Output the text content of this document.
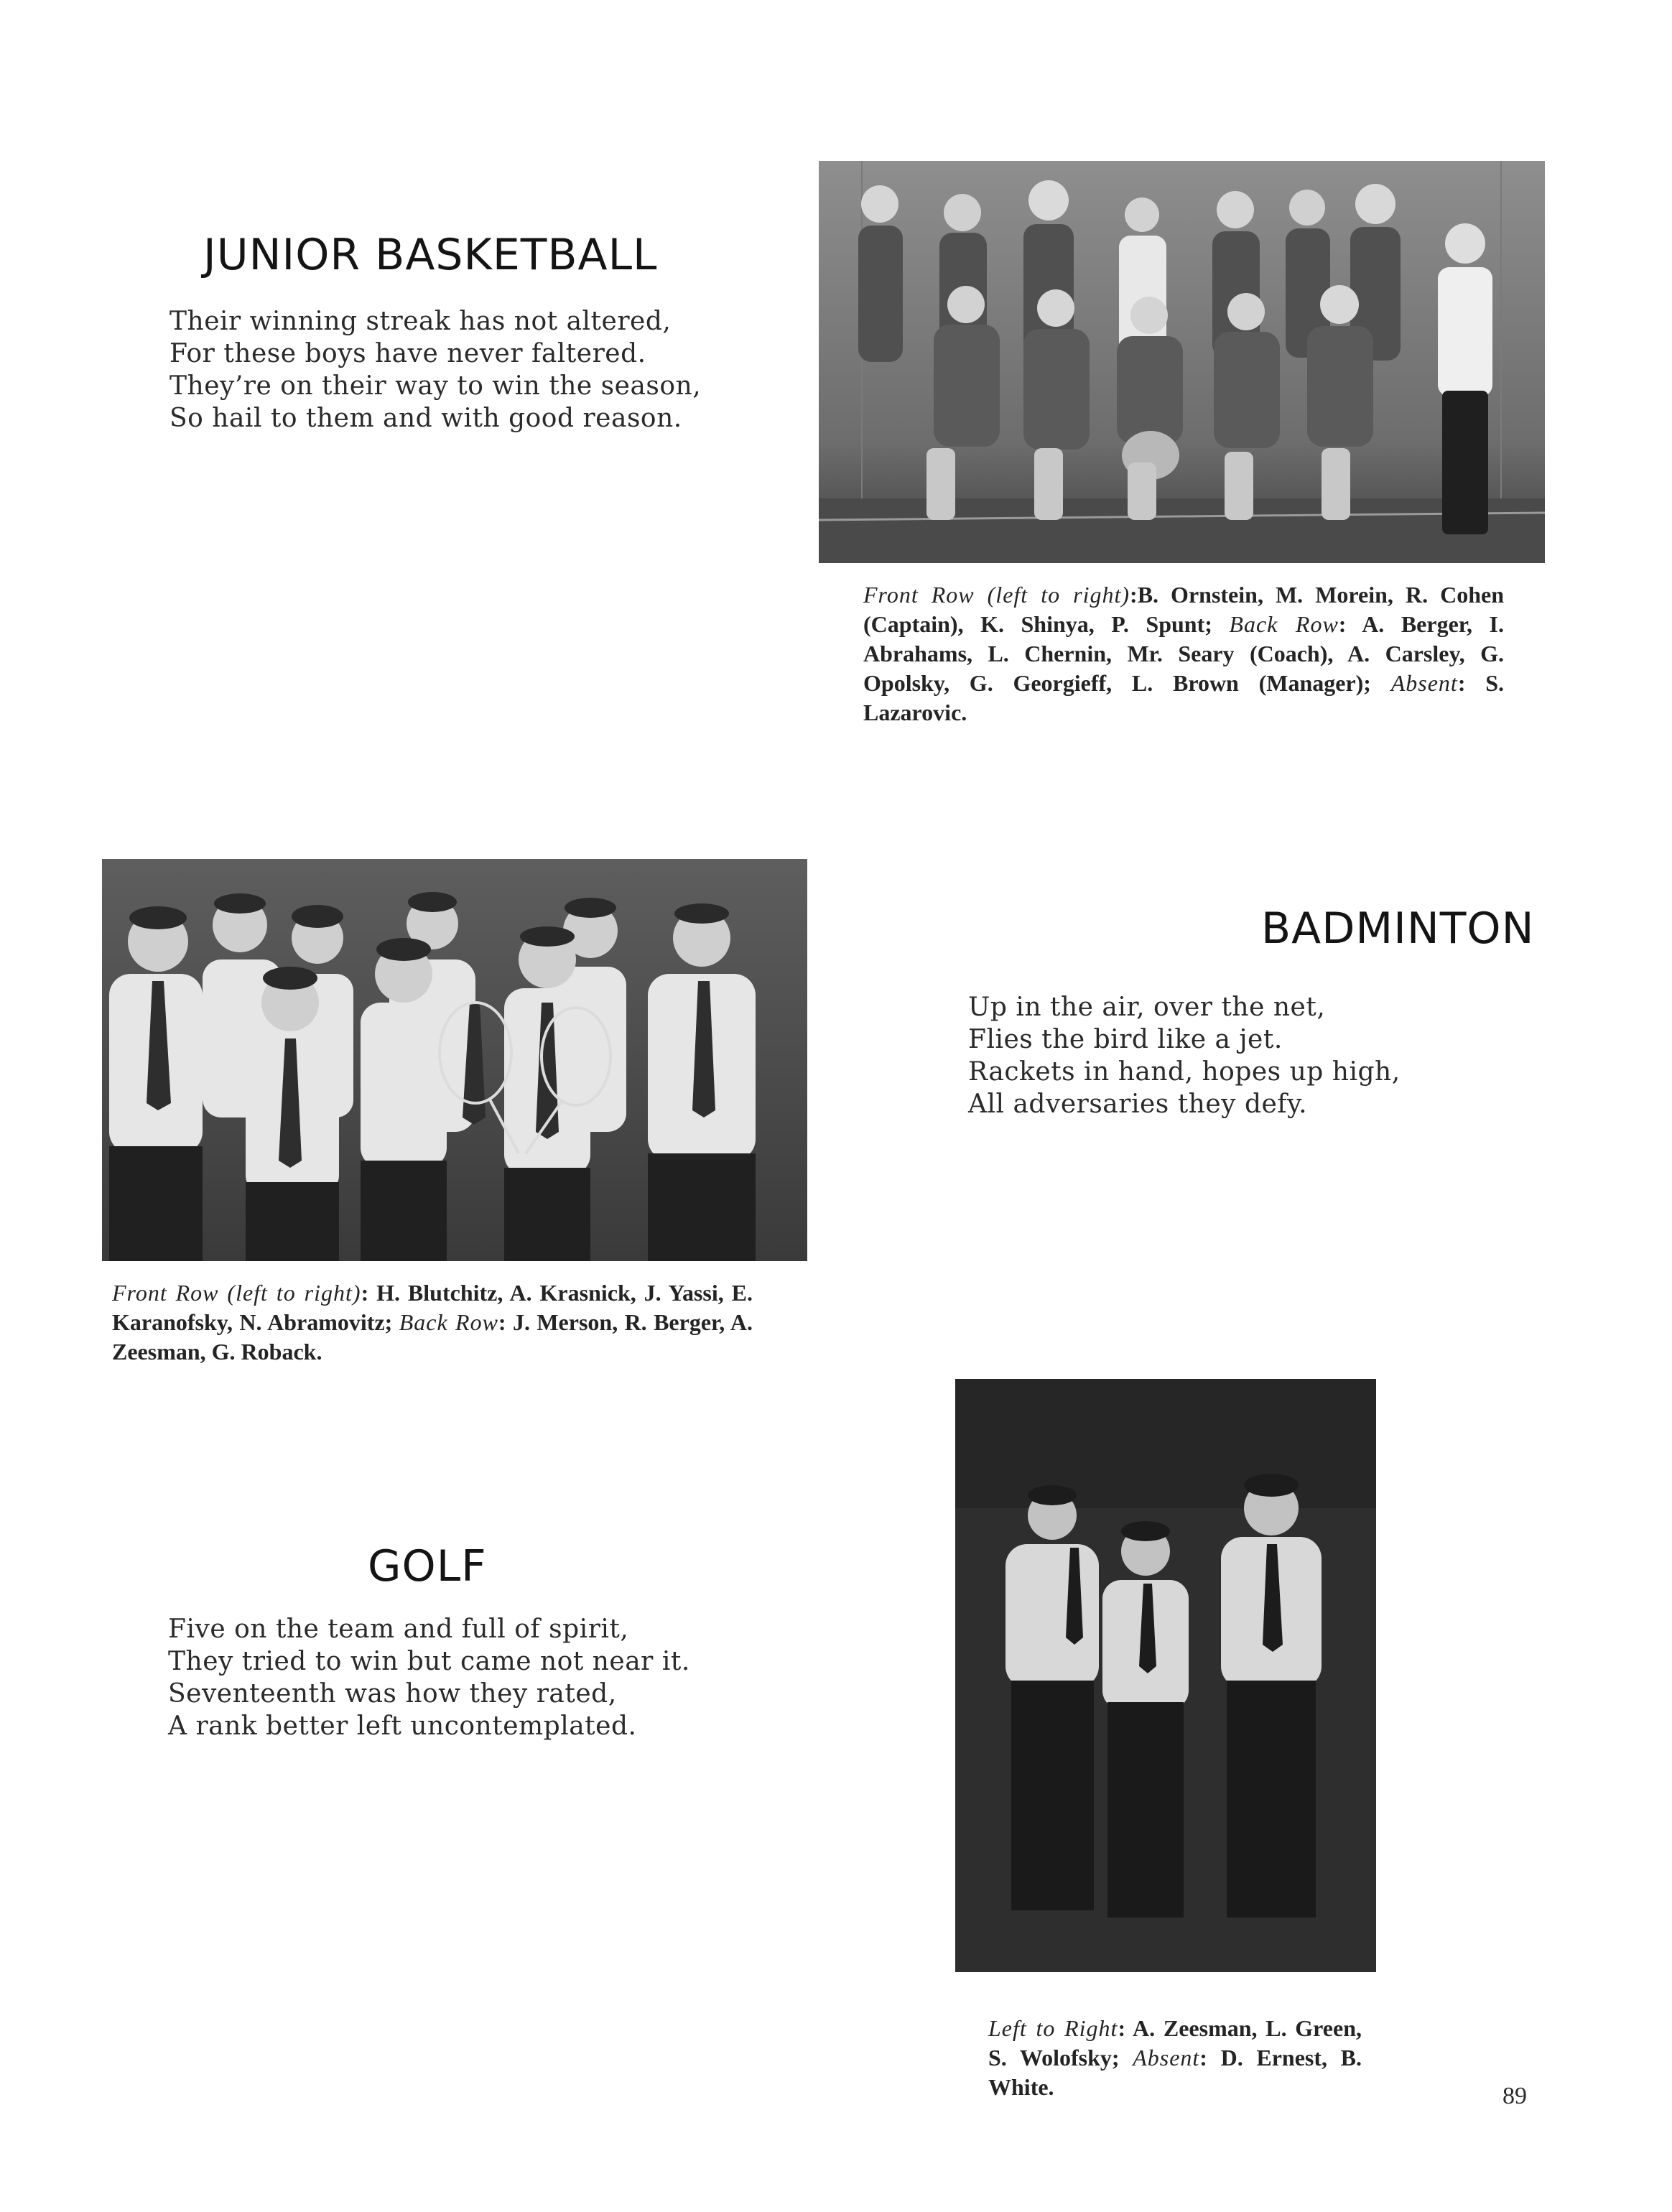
JUNIOR BASKETBALL
Their winning streak has not altered,
For these boys have never faltered.
They’re on their way to win the season,
So hail to them and with good reason.
Front Row (left to right):B. Ornstein, M. Morein, R. Cohen (Captain), K. Shinya, P. Spunt; Back Row: A. Berger, I. Abrahams, L. Chernin, Mr. Seary (Coach), A. Carsley, G. Opolsky, G. Georgieff, L. Brown (Manager); Absent: S. Lazarovic.
BADMINTON
Up in the air, over the net,
Flies the bird like a jet.
Rackets in hand, hopes up high,
All adversaries they defy.
Front Row (left to right): H. Blutchitz, A. Krasnick, J. Yassi, E. Karanofsky, N. Abramovitz; Back Row: J. Merson, R. Berger, A. Zeesman, G. Roback.
GOLF
Five on the team and full of spirit,
They tried to win but came not near it.
Seventeenth was how they rated,
A rank better left uncontemplated.
Left to Right: A. Zeesman, L. Green, S. Wolofsky; Absent: D. Ernest, B. White.	89
